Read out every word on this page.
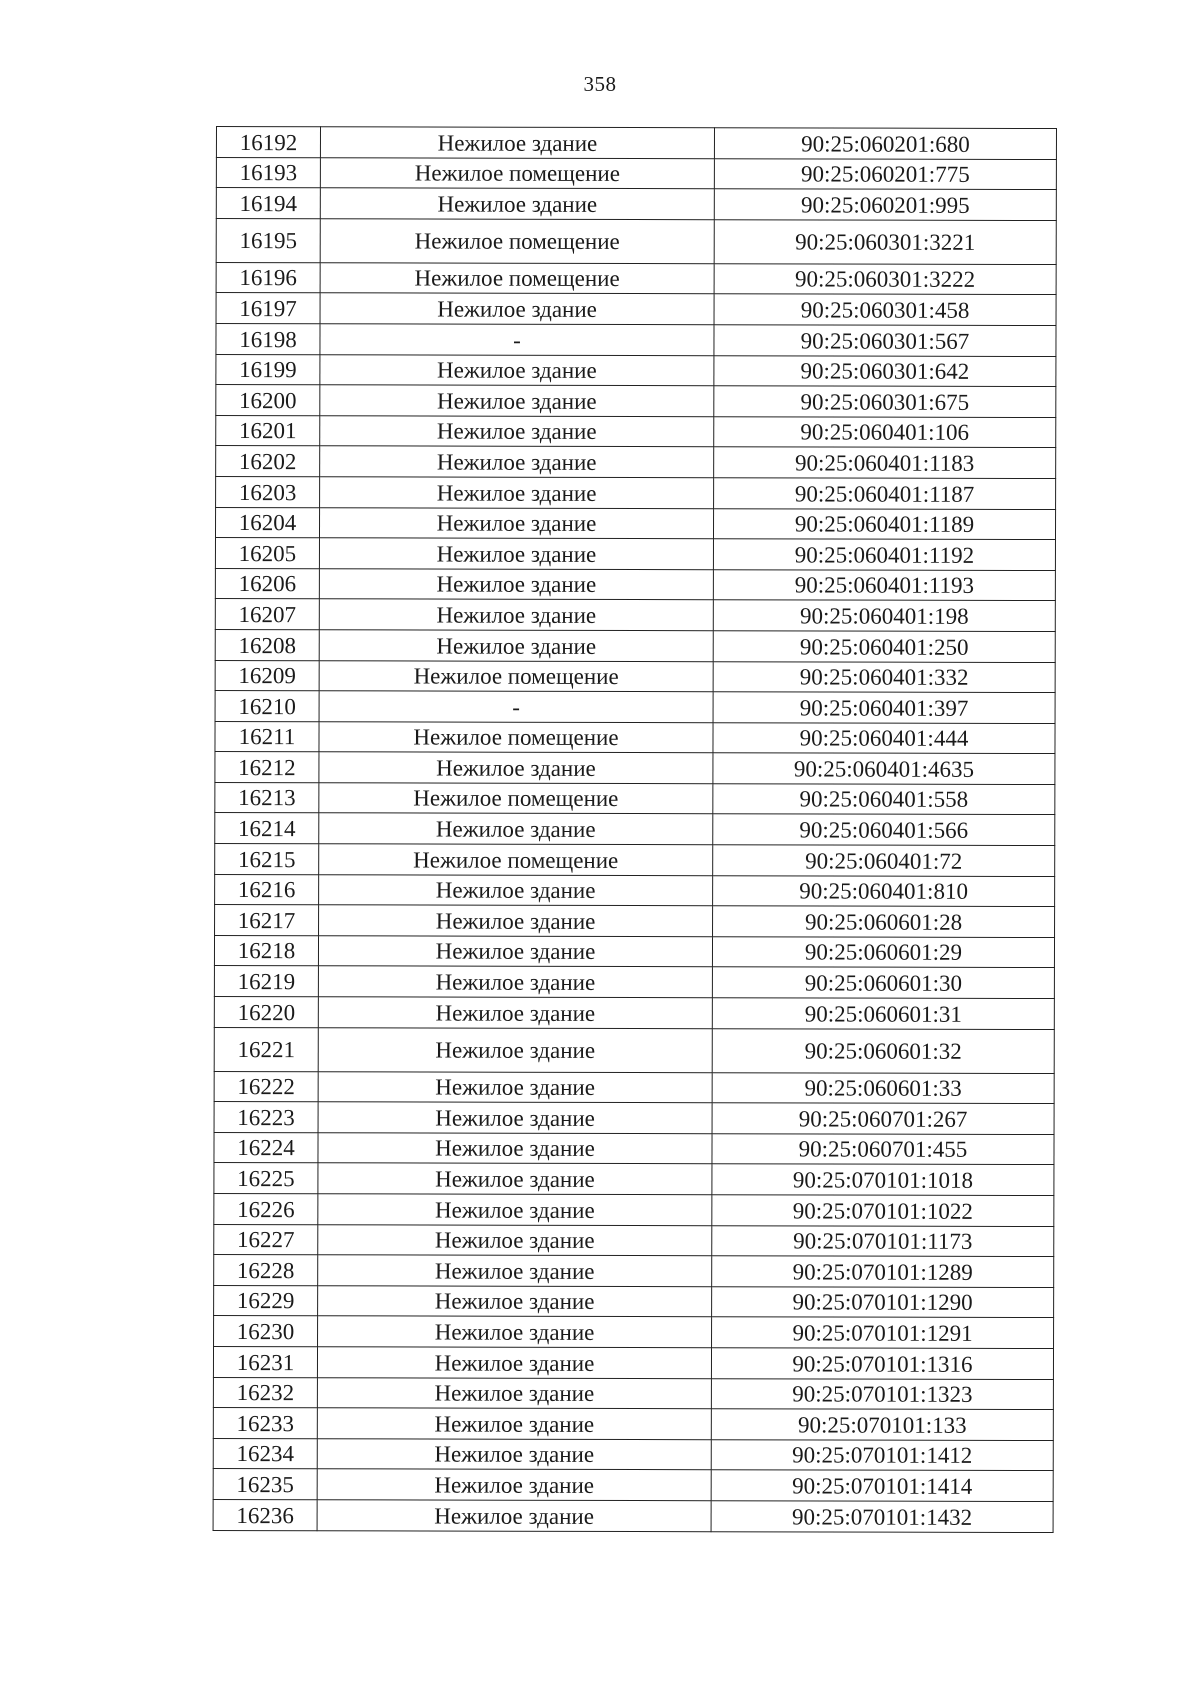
358
16192	Нежилое здание	90:25:060201:680
16193	Нежилое помещение	90:25:060201:775
16194	Нежилое здание	90:25:060201:995
16195	Нежилое помещение	90:25:060301:3221
16196	Нежилое помещение	90:25:060301:3222
16197	Нежилое здание	90:25:060301:458
16198	-	90:25:060301:567
16199	Нежилое здание	90:25:060301:642
16200	Нежилое здание	90:25:060301:675
16201	Нежилое здание	90:25:060401:106
16202	Нежилое здание	90:25:060401:1183
16203	Нежилое здание	90:25:060401:1187
16204	Нежилое здание	90:25:060401:1189
16205	Нежилое здание	90:25:060401:1192
16206	Нежилое здание	90:25:060401:1193
16207	Нежилое здание	90:25:060401:198
16208	Нежилое здание	90:25:060401:250
16209	Нежилое помещение	90:25:060401:332
16210	-	90:25:060401:397
16211	Нежилое помещение	90:25:060401:444
16212	Нежилое здание	90:25:060401:4635
16213	Нежилое помещение	90:25:060401:558
16214	Нежилое здание	90:25:060401:566
16215	Нежилое помещение	90:25:060401:72
16216	Нежилое здание	90:25:060401:810
16217	Нежилое здание	90:25:060601:28
16218	Нежилое здание	90:25:060601:29
16219	Нежилое здание	90:25:060601:30
16220	Нежилое здание	90:25:060601:31
16221	Нежилое здание	90:25:060601:32
16222	Нежилое здание	90:25:060601:33
16223	Нежилое здание	90:25:060701:267
16224	Нежилое здание	90:25:060701:455
16225	Нежилое здание	90:25:070101:1018
16226	Нежилое здание	90:25:070101:1022
16227	Нежилое здание	90:25:070101:1173
16228	Нежилое здание	90:25:070101:1289
16229	Нежилое здание	90:25:070101:1290
16230	Нежилое здание	90:25:070101:1291
16231	Нежилое здание	90:25:070101:1316
16232	Нежилое здание	90:25:070101:1323
16233	Нежилое здание	90:25:070101:133
16234	Нежилое здание	90:25:070101:1412
16235	Нежилое здание	90:25:070101:1414
16236	Нежилое здание	90:25:070101:1432
